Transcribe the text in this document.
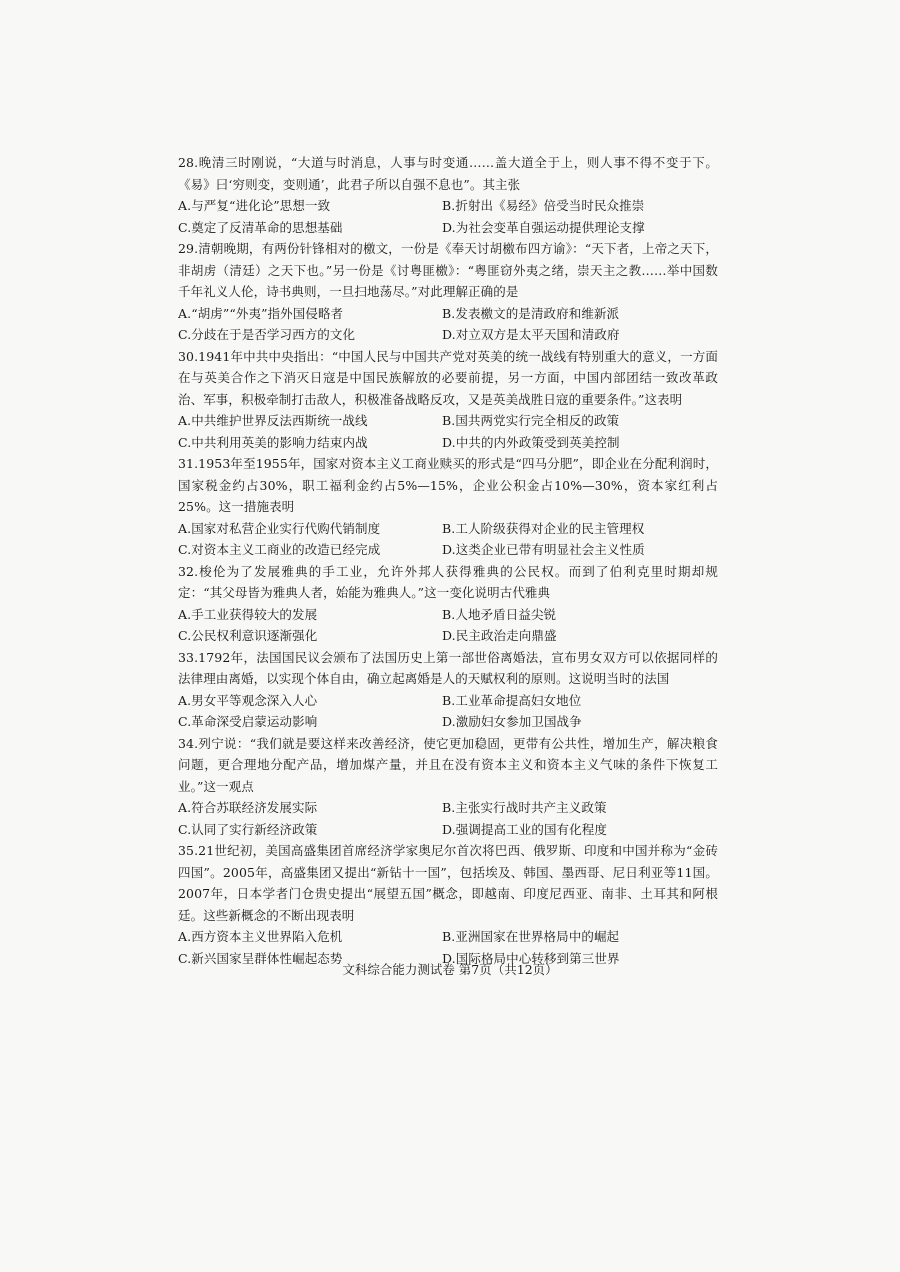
28.晚清三时刚说，“大道与时消息，人事与时变通……盖大道全于上，则人事不得不变于下。《易》曰‘穷则变，变则通’，此君子所以自强不息也”。其主张

A.与严复“进化论”思想一致	B.折射出《易经》倍受当时民众推崇
C.奠定了反清革命的思想基础	D.为社会变革自强运动提供理论支撑

29.清朝晚期，有两份针锋相对的檄文，一份是《奉天讨胡檄布四方谕》：“天下者，上帝之天下，非胡虏（清廷）之天下也。”另一份是《讨粤匪檄》：“粤匪窃外夷之绪，崇天主之教……举中国数千年礼义人伦，诗书典则，一旦扫地荡尽。”对此理解正确的是

A.“胡虏”“外夷”指外国侵略者	B.发表檄文的是清政府和维新派
C.分歧在于是否学习西方的文化	D.对立双方是太平天国和清政府

30.1941年中共中央指出：“中国人民与中国共产党对英美的统一战线有特别重大的意义，一方面在与英美合作之下消灭日寇是中国民族解放的必要前提，另一方面，中国内部团结一致改革政治、军事，积极牵制打击敌人，积极准备战略反攻，又是英美战胜日寇的重要条件。”这表明

A.中共维护世界反法西斯统一战线	B.国共两党实行完全相反的政策
C.中共利用英美的影响力结束内战	D.中共的内外政策受到英美控制

31.1953年至1955年，国家对资本主义工商业赎买的形式是“四马分肥”，即企业在分配利润时，国家税金约占30%，职工福利金约占5%—15%，企业公积金占10%—30%，资本家红利占25%。这一措施表明

A.国家对私营企业实行代购代销制度	B.工人阶级获得对企业的民主管理权
C.对资本主义工商业的改造已经完成	D.这类企业已带有明显社会主义性质

32.梭伦为了发展雅典的手工业，允许外邦人获得雅典的公民权。而到了伯利克里时期却规定：“其父母皆为雅典人者，始能为雅典人。”这一变化说明古代雅典

A.手工业获得较大的发展	B.人地矛盾日益尖锐
C.公民权利意识逐渐强化	D.民主政治走向鼎盛

33.1792年，法国国民议会颁布了法国历史上第一部世俗离婚法，宣布男女双方可以依据同样的法律理由离婚，以实现个体自由，确立起离婚是人的天赋权利的原则。这说明当时的法国

A.男女平等观念深入人心	B.工业革命提高妇女地位
C.革命深受启蒙运动影响	D.激励妇女参加卫国战争

34.列宁说：“我们就是要这样来改善经济，使它更加稳固，更带有公共性，增加生产，解决粮食问题，更合理地分配产品，增加煤产量，并且在没有资本主义和资本主义气味的条件下恢复工业。”这一观点

A.符合苏联经济发展实际	B.主张实行战时共产主义政策
C.认同了实行新经济政策	D.强调提高工业的国有化程度

35.21世纪初，美国高盛集团首席经济学家奥尼尔首次将巴西、俄罗斯、印度和中国并称为“金砖四国”。2005年，高盛集团又提出“新钻十一国”，包括埃及、韩国、墨西哥、尼日利亚等11国。2007年，日本学者门仓贵史提出“展望五国”概念，即越南、印度尼西亚、南非、土耳其和阿根廷。这些新概念的不断出现表明

A.西方资本主义世界陷入危机	B.亚洲国家在世界格局中的崛起
C.新兴国家呈群体性崛起态势	D.国际格局中心转移到第三世界
文科综合能力测试卷 第7页（共12页）
